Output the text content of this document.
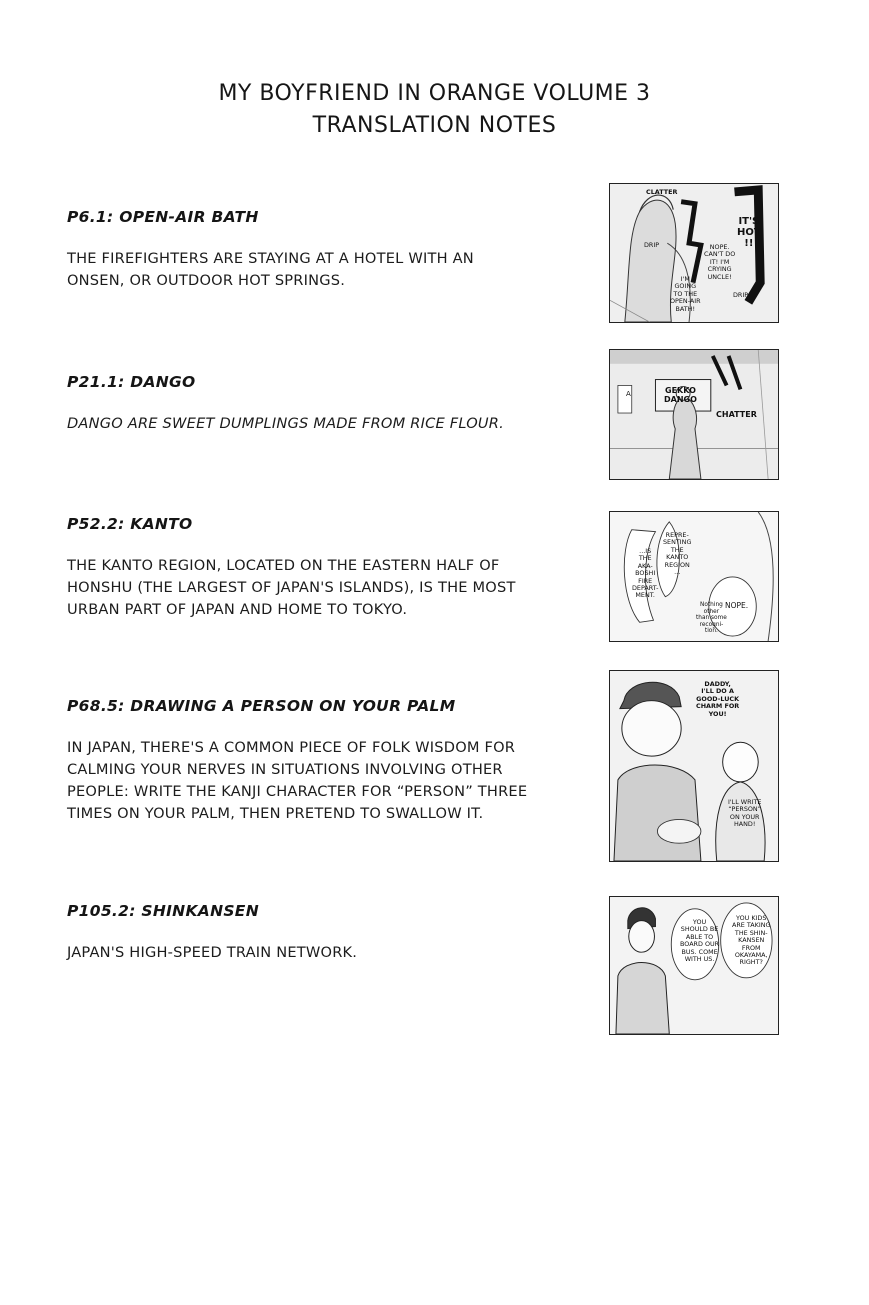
MY BOYFRIEND IN ORANGE VOLUME 3
TRANSLATION NOTES
P6.1: OPEN-AIR BATH
THE FIREFIGHTERS ARE STAYING AT A HOTEL WITH AN
ONSEN, OR OUTDOOR HOT SPRINGS.
CLATTER
IT'S
HOT
!!
NOPE.
CAN'T DO
IT! I'M
CRYING
UNCLE!
I'M
GOING
TO THE
OPEN-AIR
BATH!
DRIP
DRIP
P21.1: DANGO
DANGO ARE SWEET DUMPLINGS MADE FROM RICE FLOUR.
A	GEKKO
DANGO
CHATTER
P52.2: KANTO
THE KANTO REGION, LOCATED ON THE EASTERN HALF OF
HONSHU (THE LARGEST OF JAPAN'S ISLANDS), IS THE MOST
URBAN PART OF JAPAN AND HOME TO TOKYO.
...IS
THE
AKA-
BOSHI
FIRE
DEPART-
MENT.
REPRE-
SENTING
THE
KANTO
REGION
...
NOPE.
Nothing
other
than some
recogni-
tion.
P68.5: DRAWING A PERSON ON YOUR PALM
IN JAPAN, THERE'S A COMMON PIECE OF FOLK WISDOM FOR
CALMING YOUR NERVES IN SITUATIONS INVOLVING OTHER
PEOPLE: WRITE THE KANJI CHARACTER FOR “PERSON” THREE
TIMES ON YOUR PALM, THEN PRETEND TO SWALLOW IT.
DADDY,
I'LL DO A
GOOD-LUCK
CHARM FOR
YOU!
I'LL WRITE
“PERSON”
ON YOUR
HAND!
P105.2: SHINKANSEN
JAPAN'S HIGH-SPEED TRAIN NETWORK.
YOU
SHOULD BE
ABLE TO
BOARD OUR
BUS. COME
WITH US.
YOU KIDS
ARE TAKING
THE SHIN-
KANSEN
FROM
OKAYAMA,
RIGHT?
